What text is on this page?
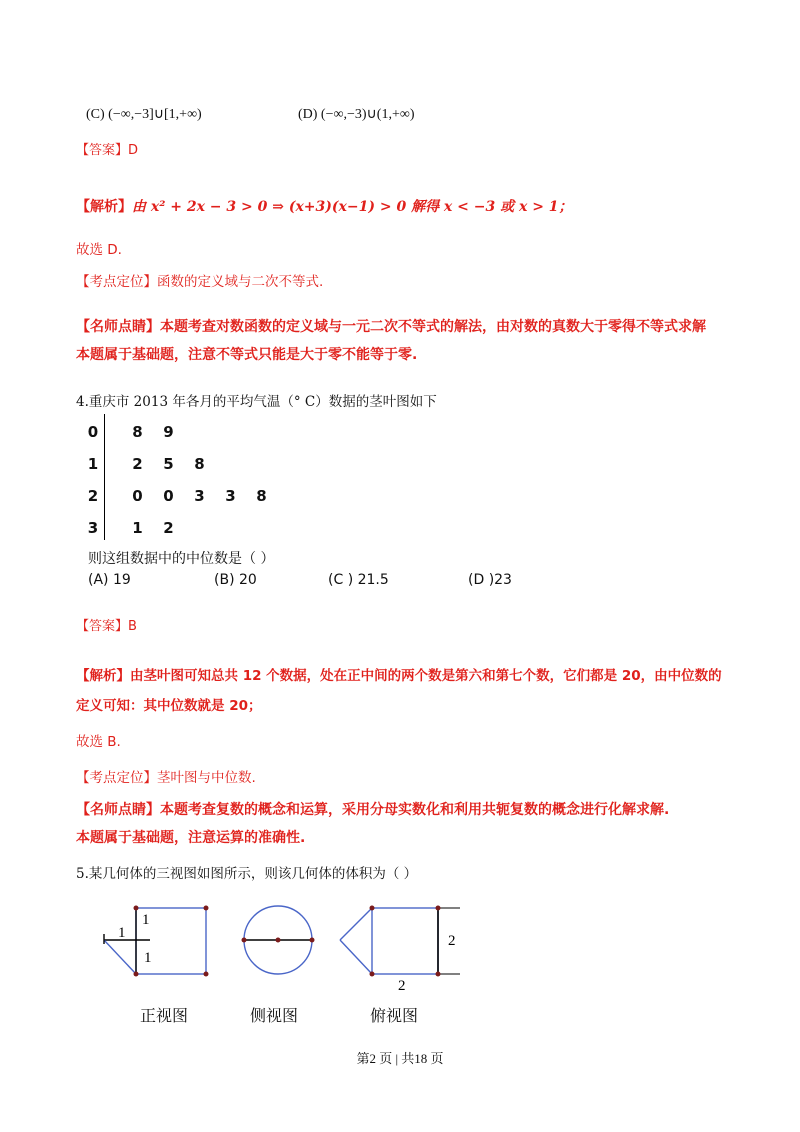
(C) (−∞,−3]∪[1,+∞)	(D) (−∞,−3)∪(1,+∞)
【答案】D
【解析】由 x² + 2x − 3 > 0 ⇒ (x+3)(x−1) > 0 解得 x < −3 或 x > 1；
故选 D.
【考点定位】函数的定义域与二次不等式.
【名师点睛】本题考查对数函数的定义域与一元二次不等式的解法，由对数的真数大于零得不等式求解
本题属于基础题，注意不等式只能是大于零不能等于零.
4.重庆市 2013 年各月的平均气温（° C）数据的茎叶图如下
0	8	9
1	2	5	8
2	0	0	3	3	8
3	1	2
则这组数据中的中位数是（ ）
(A) 19	(B) 20	(C ) 21.5	(D )23
【答案】B
【解析】由茎叶图可知总共 12 个数据，处在正中间的两个数是第六和第七个数，它们都是 20，由中位数的
定义可知：其中位数就是 20；
故选 B.
【考点定位】茎叶图与中位数.
【名师点睛】本题考查复数的概念和运算，采用分母实数化和利用共轭复数的概念进行化解求解.
本题属于基础题，注意运算的准确性.
5.某几何体的三视图如图所示，则该几何体的体积为（ ）
1
1
1
2
2
正视图	侧视图	俯视图
第2 页 | 共18 页
